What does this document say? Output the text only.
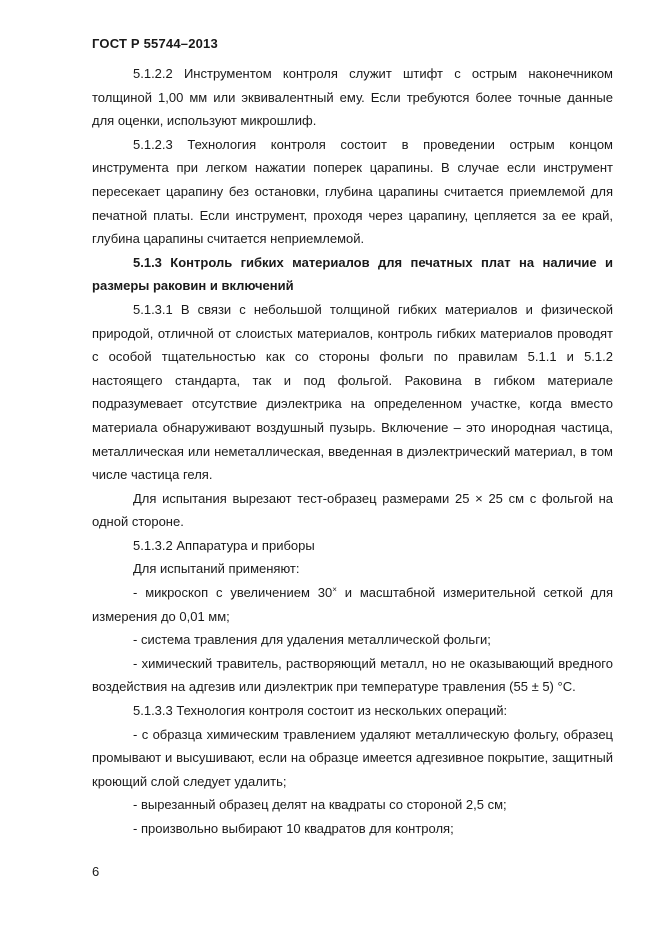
ГОСТ Р 55744–2013

5.1.2.2 Инструментом контроля служит штифт с острым наконечником толщиной 1,00 мм или эквивалентный ему. Если требуются более точные данные для оценки, используют микрошлиф.

5.1.2.3 Технология контроля состоит в проведении острым концом инструмента при легком нажатии поперек царапины. В случае если инструмент пересекает царапину без остановки, глубина царапины считается приемлемой для печатной платы. Если инструмент, проходя через царапину, цепляется за ее край, глубина царапины считается неприемлемой.

5.1.3 Контроль гибких материалов для печатных плат на наличие и размеры раковин и включений

5.1.3.1 В связи с небольшой толщиной гибких материалов и физической природой, отличной от слоистых материалов, контроль гибких материалов проводят с особой тщательностью как со стороны фольги по правилам 5.1.1 и 5.1.2 настоящего стандарта, так и под фольгой. Раковина в гибком материале подразумевает отсутствие диэлектрика на определенном участке, когда вместо материала обнаруживают воздушный пузырь. Включение – это инородная частица, металлическая или неметаллическая, введенная в диэлектрический материал, в том числе частица геля.

Для испытания вырезают тест-образец размерами 25 × 25 см с фольгой на одной стороне.

5.1.3.2 Аппаратура и приборы

Для испытаний применяют:

- микроскоп с увеличением 30× и масштабной измерительной сеткой для измерения до 0,01 мм;

- системa травления для удаления металлической фольги;

- химический травитель, растворяющий металл, но не оказывающий вредного воздействия на адгезив или диэлектрик при температуре травления (55 ± 5) °С.

5.1.3.3 Технология контроля состоит из нескольких операций:

- с образца химическим травлением удаляют металлическую фольгу, образец промывают и высушивают, если на образце имеется адгезивное покрытие, защитный кроющий слой следует удалить;

- вырезанный образец делят на квадраты со стороной 2,5 см;

- произвольно выбирают 10 квадратов для контроля;

6
